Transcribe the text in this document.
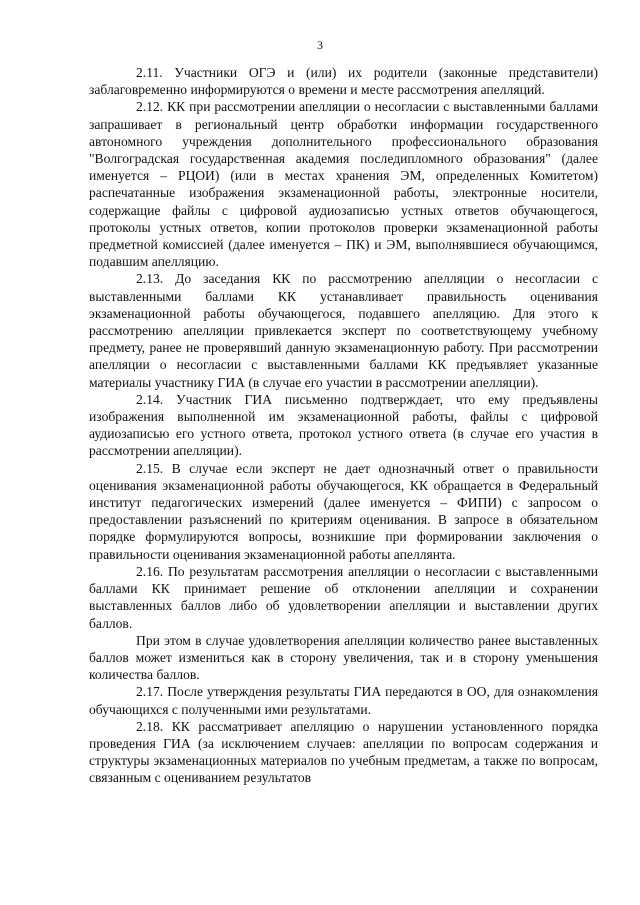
3

2.11. Участники ОГЭ и (или) их родители (законные представители) заблаговременно информируются о времени и месте рассмотрения апелляций.

2.12. КК при рассмотрении апелляции о несогласии с выставленными баллами запрашивает в региональный центр обработки информации государственного автономного учреждения дополнительного профессионального образования "Волгоградская государственная академия последипломного образования" (далее именуется – РЦОИ) (или в местах хранения ЭМ, определенных Комитетом) распечатанные изображения экзаменационной работы, электронные носители, содержащие файлы с цифровой аудиозаписью устных ответов обучающегося, протоколы устных ответов, копии протоколов проверки экзаменационной работы предметной комиссией (далее именуется – ПК) и ЭМ, выполнявшиеся обучающимся, подавшим апелляцию.

2.13. До заседания КК по рассмотрению апелляции о несогласии с выставленными баллами КК устанавливает правильность оценивания экзаменационной работы обучающегося, подавшего апелляцию. Для этого к рассмотрению апелляции привлекается эксперт по соответствующему учебному предмету, ранее не проверявший данную экзаменационную работу. При рассмотрении апелляции о несогласии с выставленными баллами КК предъявляет указанные материалы участнику ГИА (в случае его участии в рассмотрении апелляции).

2.14. Участник ГИА письменно подтверждает, что ему предъявлены изображения выполненной им экзаменационной работы, файлы с цифровой аудиозаписью его устного ответа, протокол устного ответа (в случае его участия в рассмотрении апелляции).

2.15. В случае если эксперт не дает однозначный ответ о правильности оценивания экзаменационной работы обучающегося, КК обращается в Федеральный институт педагогических измерений (далее именуется – ФИПИ) с запросом о предоставлении разъяснений по критериям оценивания. В запросе в обязательном порядке формулируются вопросы, возникшие при формировании заключения о правильности оценивания экзаменационной работы апеллянта.

2.16. По результатам рассмотрения апелляции о несогласии с выставленными баллами КК принимает решение об отклонении апелляции и сохранении выставленных баллов либо об удовлетворении апелляции и выставлении других баллов.

При этом в случае удовлетворения апелляции количество ранее выставленных баллов может измениться как в сторону увеличения, так и в сторону уменьшения количества баллов.

2.17. После утверждения результаты ГИА передаются в ОО, для ознакомления обучающихся с полученными ими результатами.

2.18. КК рассматривает апелляцию о нарушении установленного порядка проведения ГИА (за исключением случаев: апелляции по вопросам содержания и структуры экзаменационных материалов по учебным предметам, а также по вопросам, связанным с оцениванием результатов
